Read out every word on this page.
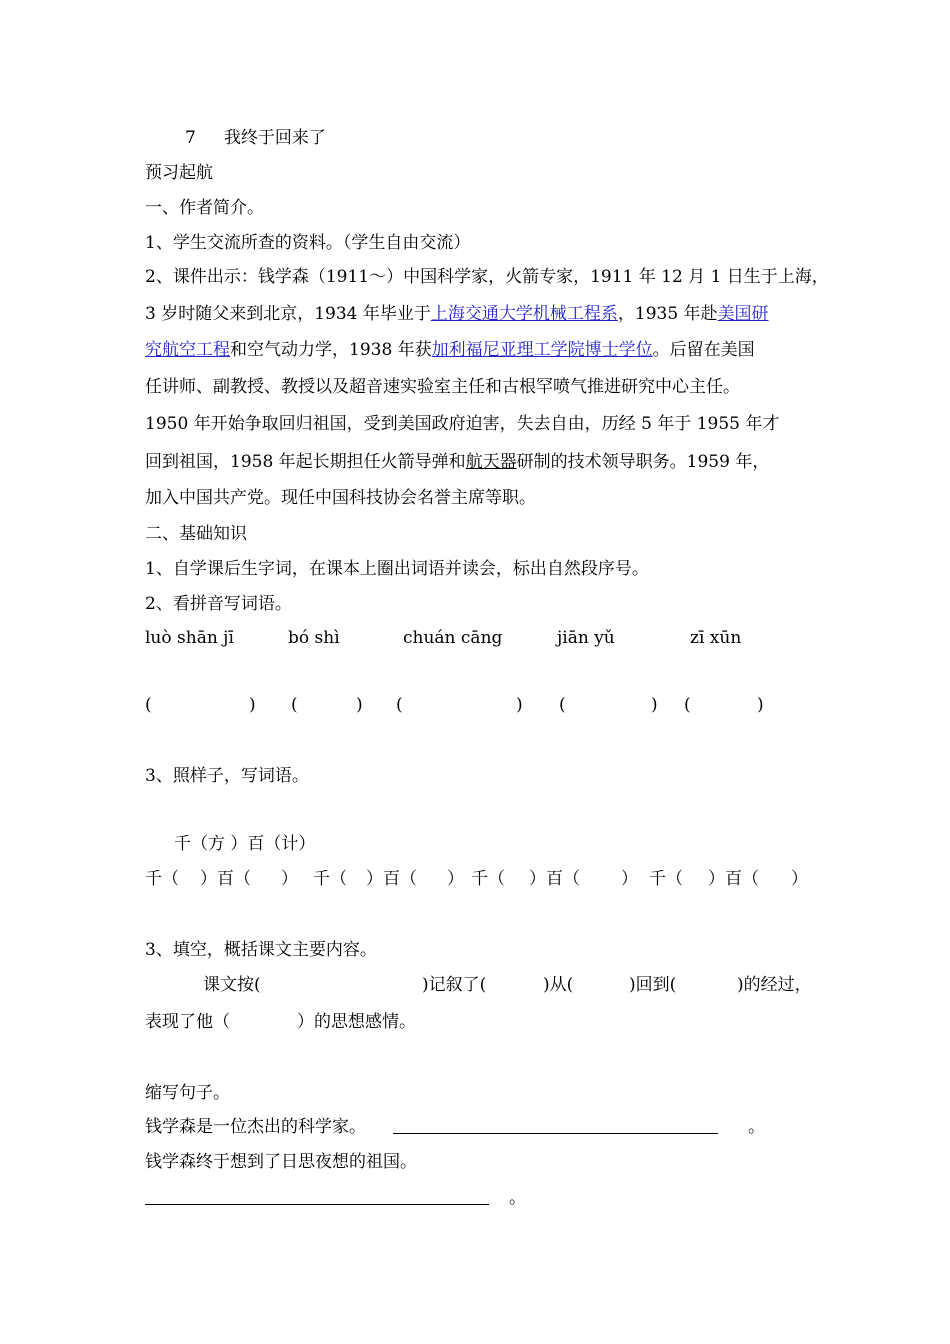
7 我终于回来了
预习起航
一、作者简介。
1、学生交流所查的资料。（学生自由交流）
2、课件出示：钱学森（1911～）中国科学家，火箭专家，1911 年 12 月 1 日生于上海，
3 岁时随父来到北京，1934 年毕业于上海交通大学机械工程系，1935 年赴美国研
究航空工程和空气动力学，1938 年获加利福尼亚理工学院博士学位。后留在美国
任讲师、副教授、教授以及超音速实验室主任和古根罕喷气推进研究中心主任。
1950 年开始争取回归祖国，受到美国政府迫害，失去自由，历经 5 年于 1955 年才
回到祖国，1958 年起长期担任火箭导弹和航天器研制的技术领导职务。1959 年，
加入中国共产党。现任中国科技协会名誉主席等职。
二、基础知识
1、自学课后生字词，在课本上圈出词语并读会，标出自然段序号。
2、看拼音写词语。
luò shān jī	bó shì	chuán cāng	jiān yǔ	zī xūn
(	) (	) (	) (	) (	)
3、照样子，写词语。
千（方 ）百（计）
千（ ）百（ ） 千（ ）百（ ） 千（ ）百（ ） 千（ ）百（ ）
3、填空，概括课文主要内容。
课文按(	)记叙了(	)从(	)回到(	)的经过，
表现了他（	）的思想感情。
缩写句子。
钱学森是一位杰出的科学家。	。
钱学森终于想到了日思夜想的祖国。
。
